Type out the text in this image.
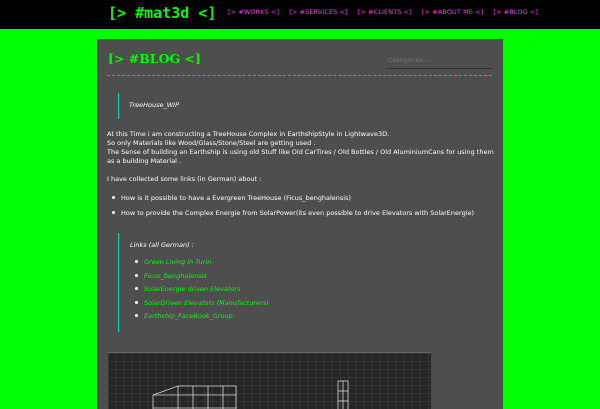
[> #mat3d <] [> #WORKS <] [> #SERVICES <] [> #CLIENTS <] [> #ABOUT ME <] [> #BLOG <]
[> #BLOG <]
Categories ...
TreeHouse_WIP

At this Time i am constructing a TreeHouse Complex in EarthshipStyle in Lightwave3D.

So only Materials like Wood/Glass/Stone/Steel are getting used .

The Sense of building an Earthship is using old Stuff like Old CarTires / Old Bottles / Old AluminiumCans for using them as a building Material .

I have collected some links (in German) about :

How is it possible to have a Evergreen TreeHouse (Ficus_benghalensis)
How to provide the Complex Energie from SolarPower(its even possible to drive Elevators with SolarEnergie)
Links (all German) :
Green Living in Turin
Ficus_benghalensis
SolarEnergie driven Elevators
SolarDriven Elevators (Manufacturers)
Earthship_FaceBook_Group
